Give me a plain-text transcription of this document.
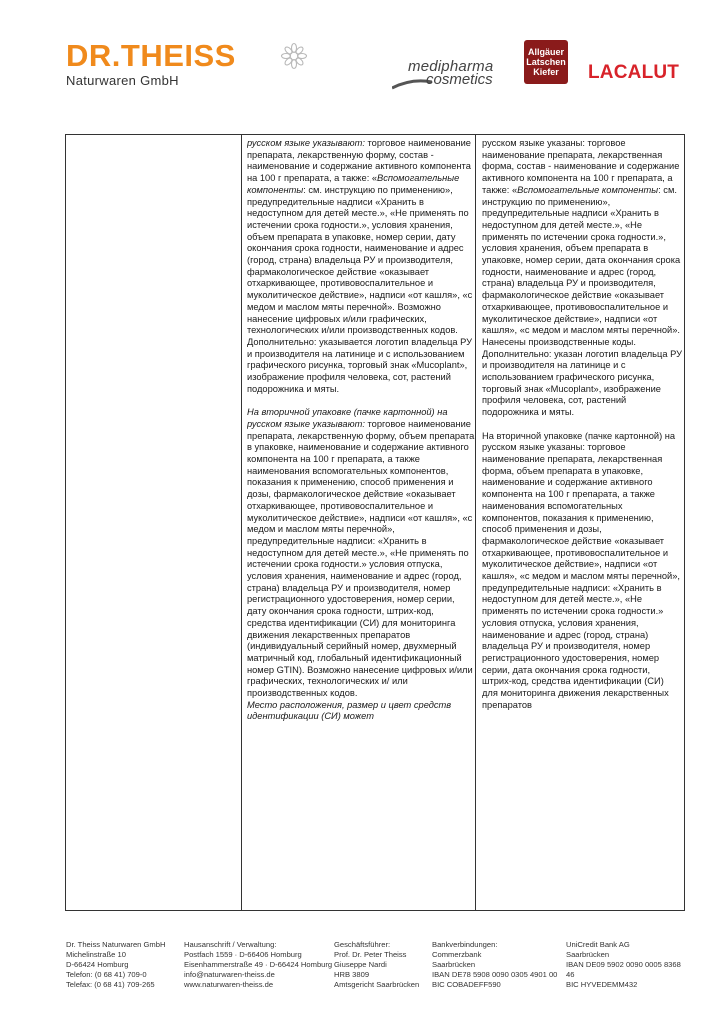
DR.THEISS
Naturwaren GmbH
medipharma
cosmetics
Allgäuer
Latschen
Kiefer	LACALUT
русском языке указывают: торговое наименование препарата, лекарственную форму, состав - наименование и содержание активного компонента на 100 г препарата, а также: «Вспомогательные компоненты: см. инструкцию по применению», предупредительные надписи «Хранить в недоступном для детей месте.», «Не применять по истечении срока годности.», условия хранения, объем препарата в упаковке, номер серии, дату окончания срока годности, наименование и адрес (город, страна) владельца РУ и производителя, фармакологическое действие «оказывает отхаркивающее, противовоспалительное и муколитическое действие», надписи «от кашля», «с медом и маслом мяты перечной». Возможно нанесение цифровых и/или графических, технологических и/или производственных кодов.
Дополнительно: указывается логотип владельца РУ и производителя на латинице и с использованием графического рисунка, торговый знак «Mucoplant», изображение профиля человека, сот, растений подорожника и мяты.

На вторичной упаковке (пачке картонной) на русском языке указывают: торговое наименование препарата, лекарственную форму, объем препарата в упаковке, наименование и содержание активного компонента на 100 г препарата, а также наименования вспомогательных компонентов, показания к применению, способ применения и дозы, фармакологическое действие «оказывает отхаркивающее, противовоспалительное и муколитическое действие», надписи «от кашля», «с медом и маслом мяты перечной», предупредительные надписи: «Хранить в недоступном для детей месте.», «Не применять по истечении срока годности.» условия отпуска, условия хранения, наименование и адрес (город, страна) владельца РУ и производителя, номер регистрационного удостоверения, номер серии, дату окончания срока годности, штрих-код, средства идентификации (СИ) для мониторинга движения лекарственных препаратов (индивидуальный серийный номер, двухмерный матричный код, глобальный идентификационный номер GTIN). Возможно нанесение цифровых и/или графических, технологических и/ или производственных кодов.
Место расположения, размер и цвет средств идентификации (СИ) может
русском языке указаны: торговое наименование препарата, лекарственная форма, состав - наименование и содержание активного компонента на 100 г препарата, а также: «Вспомогательные компоненты: см. инструкцию по применению», предупредительные надписи «Хранить в недоступном для детей месте.», «Не применять по истечении срока годности.», условия хранения, объем препарата в упаковке, номер серии, дата окончания срока годности, наименование и адрес (город, страна) владельца РУ и производителя, фармакологическое действие «оказывает отхаркивающее, противовоспалительное и муколитическое действие», надписи «от кашля», «с медом и маслом мяты перечной». Нанесены производственные коды.
Дополнительно: указан логотип владельца РУ и производителя на латинице и с использованием графического рисунка, торговый знак «Mucoplant», изображение профиля человека, сот, растений подорожника и мяты.

На вторичной упаковке (пачке картонной) на русском языке указаны: торговое наименование препарата, лекарственная форма, объем препарата в упаковке, наименование и содержание активного компонента на 100 г препарата, а также наименования вспомогательных компонентов, показания к применению, способ применения и дозы, фармакологическое действие «оказывает отхаркивающее, противовоспалительное и муколитическое действие», надписи «от кашля», «с медом и маслом мяты перечной», предупредительные надписи: «Хранить в недоступном для детей месте.», «Не применять по истечении срока годности.» условия отпуска, условия хранения, наименование и адрес (город, страна) владельца РУ и производителя, номер регистрационного удостоверения, номер серии, дата окончания срока годности, штрих-код, средства идентификации (СИ) для мониторинга движения лекарственных препаратов
Dr. Theiss Naturwaren GmbH
Michelinstraße 10
D-66424 Homburg
Telefon: (0 68 41) 709-0
Telefax: (0 68 41) 709-265
Hausanschrift / Verwaltung:
Postfach 1559 · D-66406 Homburg
Eisenhammerstraße 49 · D-66424 Homburg
info@naturwaren-theiss.de
www.naturwaren-theiss.de
Geschäftsführer:
Prof. Dr. Peter Theiss
Giuseppe Nardi
HRB 3809
Amtsgericht Saarbrücken
Bankverbindungen:
Commerzbank
Saarbrücken
IBAN DE78 5908 0090 0305 4901 00
BIC COBADEFF590
UniCredit Bank AG
Saarbrücken
IBAN DE09 5902 0090 0005 8368 46
BIC HYVEDEMM432
